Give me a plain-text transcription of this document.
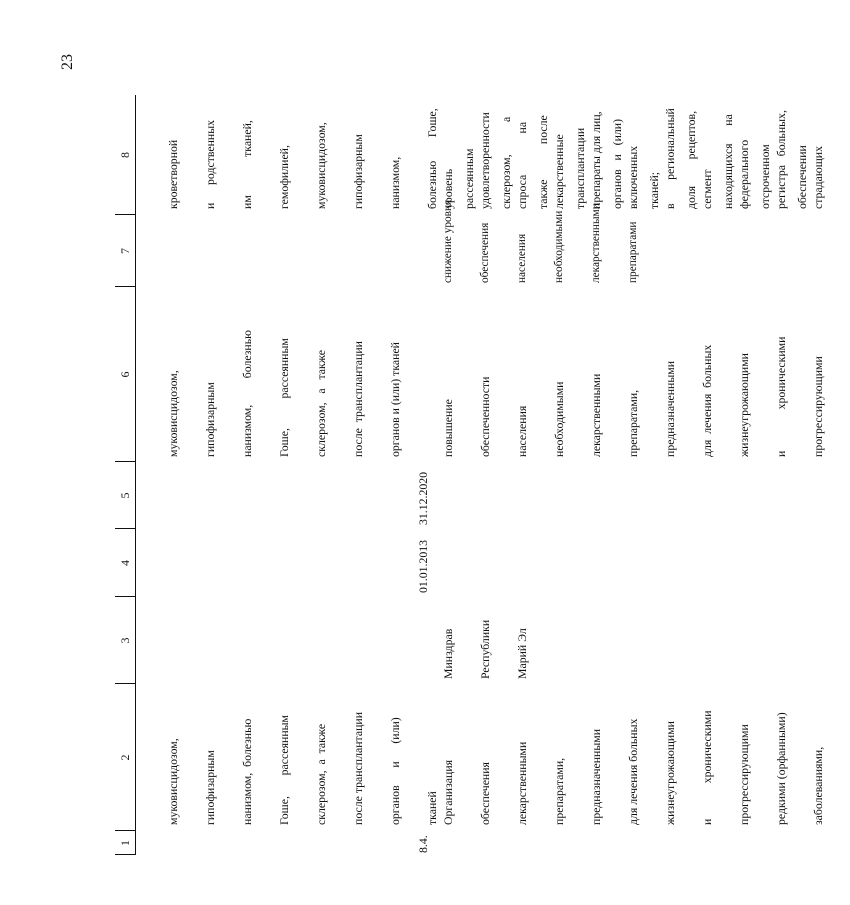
23
1
2
3
4
5
6
7
8

муковисцидозом,

гипофизарным

нанизмом,  болезнью

Гоше,       рассеянным

склерозом,  а  также

после трансплантации

органов      и      (или)

тканей

муковисцидозом,

гипофизарным

нанизмом,         болезнью

Гоше,          рассеянным

склерозом,   а   также

после  трансплантации

органов и (или) тканей

кроветворной

и      родственных

им             тканей,

гемофилией,

муковисцидозом,

гипофизарным

нанизмом,

болезнью        Гоше,

рассеянным

склерозом,           а

также            после

трансплантации

органов   и   (или)

тканей;

доля         рецептов,

находящихся      на

отсроченном

обеспечении

8.4.

Организация

обеспечения

лекарственными

препаратами,

предназначенными

для лечения больных

жизнеугрожающими

и            хроническими

прогрессирующими

редкими (орфанными)

заболеваниями,

Минздрав

Республики

Марий Эл

01.01.2013
31.12.2020

повышение

обеспеченности

населения

необходимыми

лекарственными

препаратами,

предназначенными

для  лечения  больных

жизнеугрожающими

и              хроническими

прогрессирующими

снижение уровня

обеспечения

населения

необходимыми

лекарственными

препаратами

уровень

удовлетворенности

спроса              на

лекарственные

препараты для лиц,

включенных

в        региональный

сегмент

федерального

регистра   больных,

страдающих
